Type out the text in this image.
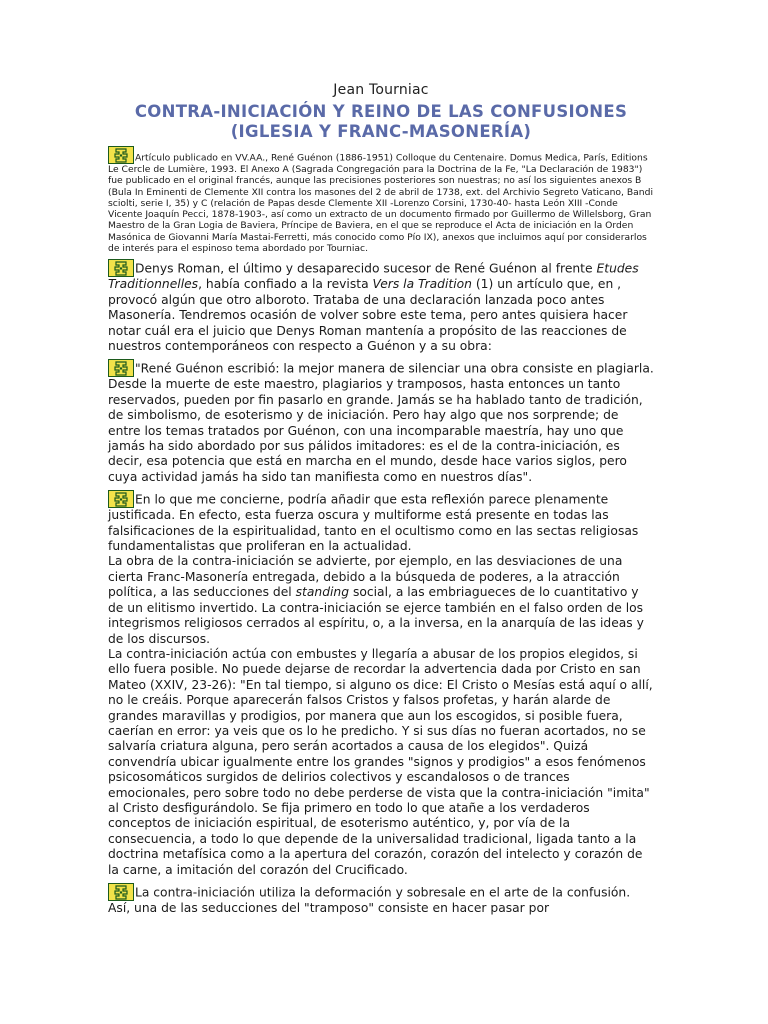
Jean Tourniac
CONTRA-INICIACIÓN Y REINO DE LAS CONFUSIONES
(IGLESIA Y FRANC-MASONERÍA)

Artículo publicado en VV.AA., René Guénon (1886-1951) Colloque du Centenaire. Domus Medica, París, Editions Le Cercle de Lumière, 1993. El Anexo A (Sagrada Congregación para la Doctrina de la Fe, "La Declaración de 1983") fue publicado en el original francés, aunque las precisiones posteriores son nuestras; no así los siguientes anexos B (Bula In Eminenti de Clemente XII contra los masones del 2 de abril de 1738, ext. del Archivio Segreto Vaticano, Bandi sciolti, serie I, 35) y C (relación de Papas desde Clemente XII -Lorenzo Corsini, 1730-40- hasta León XIII -Conde Vicente Joaquín Pecci, 1878-1903-, así como un extracto de un documento firmado por Guillermo de Willelsborg, Gran Maestro de la Gran Logia de Baviera, Príncipe de Baviera, en el que se reproduce el Acta de iniciación en la Orden Masónica de Giovanni María Mastai-Ferretti, más conocido como Pío IX), anexos que incluimos aquí por considerarlos de interés para el espinoso tema abordado por Tourniac.

Denys Roman, el último y desaparecido sucesor de René Guénon al frente Etudes Traditionnelles, había confiado a la revista Vers la Tradition (1) un artículo que, en , provocó algún que otro alboroto. Trataba de una declaración lanzada poco antes Masonería. Tendremos ocasión de volver sobre este tema, pero antes quisiera hacer notar cuál era el juicio que Denys Roman mantenía a propósito de las reacciones de nuestros contemporáneos con respecto a Guénon y a su obra:

"René Guénon escribió: la mejor manera de silenciar una obra consiste en plagiarla. Desde la muerte de este maestro, plagiarios y tramposos, hasta entonces un tanto reservados, pueden por fin pasarlo en grande. Jamás se ha hablado tanto de tradición, de simbolismo, de esoterismo y de iniciación. Pero hay algo que nos sorprende; de entre los temas tratados por Guénon, con una incomparable maestría, hay uno que jamás ha sido abordado por sus pálidos imitadores: es el de la contra-iniciación, es decir, esa potencia que está en marcha en el mundo, desde hace varios siglos, pero cuya actividad jamás ha sido tan manifiesta como en nuestros días".

En lo que me concierne, podría añadir que esta reflexión parece plenamente justificada. En efecto, esta fuerza oscura y multiforme está presente en todas las falsificaciones de la espiritualidad, tanto en el ocultismo como en las sectas religiosas fundamentalistas que proliferan en la actualidad.

La obra de la contra-iniciación se advierte, por ejemplo, en las desviaciones de una cierta Franc-Masonería entregada, debido a la búsqueda de poderes, a la atracción política, a las seducciones del standing social, a las embriagueces de lo cuantitativo y de un elitismo invertido. La contra-iniciación se ejerce también en el falso orden de los integrismos religiosos cerrados al espíritu, o, a la inversa, en la anarquía de las ideas y de los discursos.

La contra-iniciación actúa con embustes y llegaría a abusar de los propios elegidos, si ello fuera posible. No puede dejarse de recordar la advertencia dada por Cristo en san Mateo (XXIV, 23-26): "En tal tiempo, si alguno os dice: El Cristo o Mesías está aquí o allí, no le creáis. Porque aparecerán falsos Cristos y falsos profetas, y harán alarde de grandes maravillas y prodigios, por manera que aun los escogidos, si posible fuera, caerían en error: ya veis que os lo he predicho. Y si sus días no fueran acortados, no se salvaría criatura alguna, pero serán acortados a causa de los elegidos". Quizá convendría ubicar igualmente entre los grandes "signos y prodigios" a esos fenómenos psicosomáticos surgidos de delirios colectivos y escandalosos o de trances emocionales, pero sobre todo no debe perderse de vista que la contra-iniciación "imita" al Cristo desfigurándolo. Se fija primero en todo lo que atañe a los verdaderos conceptos de iniciación espiritual, de esoterismo auténtico, y, por vía de la consecuencia, a todo lo que depende de la universalidad tradicional, ligada tanto a la doctrina metafísica como a la apertura del corazón, corazón del intelecto y corazón de la carne, a imitación del corazón del Crucificado.

La contra-iniciación utiliza la deformación y sobresale en el arte de la confusión. Así, una de las seducciones del "tramposo" consiste en hacer pasar por
